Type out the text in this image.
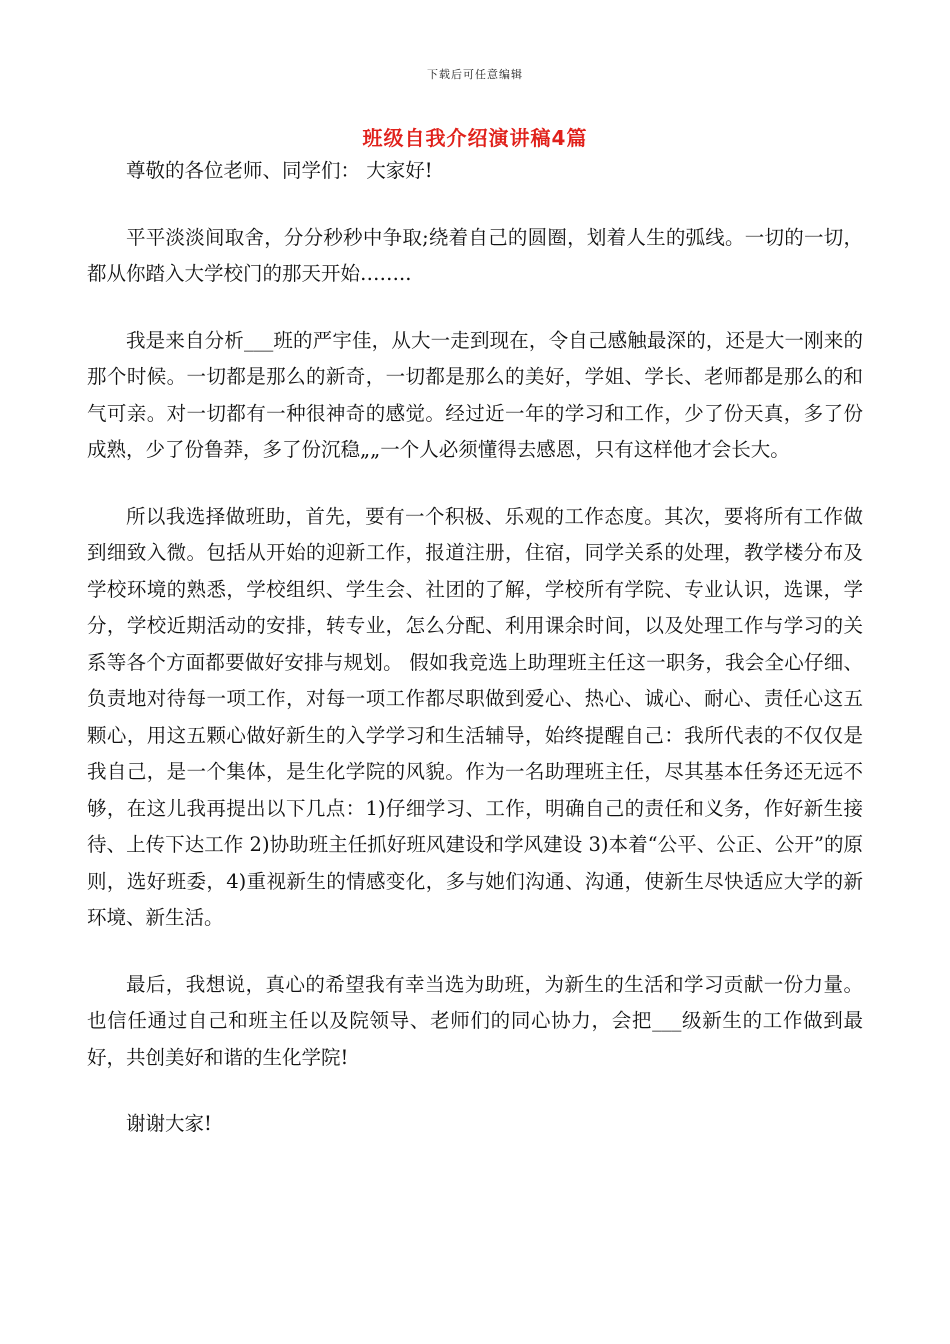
下载后可任意编辑
班级自我介绍演讲稿4篇

尊敬的各位老师、同学们： 大家好!

平平淡淡间取舍，分分秒秒中争取;绕着自己的圆圈，划着人生的弧线。一切的一切，都从你踏入大学校门的那天开始……..

我是来自分析___班的严宇佳，从大一走到现在，令自己感触最深的，还是大一刚来的那个时候。一切都是那么的新奇，一切都是那么的美好，学姐、学长、老师都是那么的和气可亲。对一切都有一种很神奇的感觉。经过近一年的学习和工作，少了份天真，多了份成熟，少了份鲁莽，多了份沉稳„„一个人必须懂得去感恩，只有这样他才会长大。

所以我选择做班助，首先，要有一个积极、乐观的工作态度。其次，要将所有工作做到细致入微。包括从开始的迎新工作，报道注册，住宿，同学关系的处理，教学楼分布及学校环境的熟悉，学校组织、学生会、社团的了解，学校所有学院、专业认识，选课，学分，学校近期活动的安排，转专业，怎么分配、利用课余时间，以及处理工作与学习的关系等各个方面都要做好安排与规划。 假如我竞选上助理班主任这一职务，我会全心仔细、负责地对待每一项工作，对每一项工作都尽职做到爱心、热心、诚心、耐心、责任心这五颗心，用这五颗心做好新生的入学学习和生活辅导，始终提醒自己：我所代表的不仅仅是我自己，是一个集体，是生化学院的风貌。作为一名助理班主任，尽其基本任务还无远不够，在这儿我再提出以下几点：1)仔细学习、工作，明确自己的责任和义务，作好新生接待、上传下达工作 2)协助班主任抓好班风建设和学风建设 3)本着“公平、公正、公开”的原则，选好班委，4)重视新生的情感变化，多与她们沟通、沟通，使新生尽快适应大学的新环境、新生活。

最后，我想说，真心的希望我有幸当选为助班，为新生的生活和学习贡献一份力量。也信任通过自己和班主任以及院领导、老师们的同心协力，会把___级新生的工作做到最好，共创美好和谐的生化学院!

谢谢大家!
